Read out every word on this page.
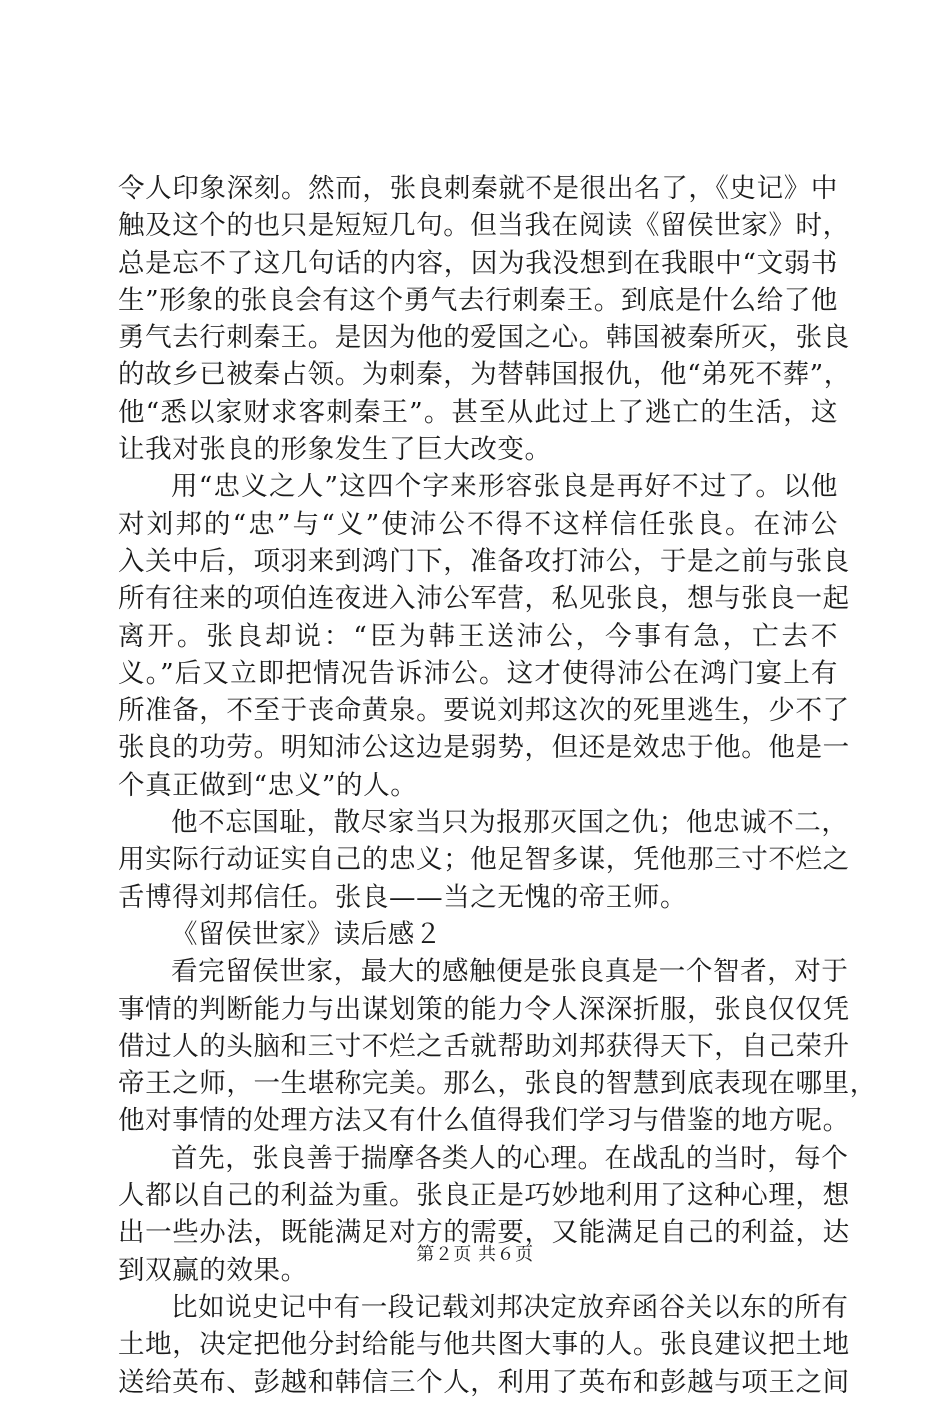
令人印象深刻。然而，张良刺秦就不是很出名了，《史记》中
触及这个的也只是短短几句。但当我在阅读《留侯世家》时，
总是忘不了这几句话的内容，因为我没想到在我眼中“文弱书
生”形象的张良会有这个勇气去行刺秦王。到底是什么给了他
勇气去行刺秦王。是因为他的爱国之心。韩国被秦所灭，张良
的故乡已被秦占领。为刺秦，为替韩国报仇，他“弟死不葬”，
他“悉以家财求客刺秦王”。甚至从此过上了逃亡的生活，这
让我对张良的形象发生了巨大改变。
用“忠义之人”这四个字来形容张良是再好不过了。以他
对刘邦的“忠”与“义”使沛公不得不这样信任张良。在沛公
入关中后，项羽来到鸿门下，准备攻打沛公，于是之前与张良
所有往来的项伯连夜进入沛公军营，私见张良，想与张良一起
离开。张良却说：“臣为韩王送沛公，今事有急，亡去不
义。”后又立即把情况告诉沛公。这才使得沛公在鸿门宴上有
所准备，不至于丧命黄泉。要说刘邦这次的死里逃生，少不了
张良的功劳。明知沛公这边是弱势，但还是效忠于他。他是一
个真正做到“忠义”的人。
他不忘国耻，散尽家当只为报那灭国之仇；他忠诚不二，
用实际行动证实自己的忠义；他足智多谋，凭他那三寸不烂之
舌博得刘邦信任。张良——当之无愧的帝王师。
《留侯世家》读后感２
看完留侯世家，最大的感触便是张良真是一个智者，对于
事情的判断能力与出谋划策的能力令人深深折服，张良仅仅凭
借过人的头脑和三寸不烂之舌就帮助刘邦获得天下，自己荣升
帝王之师，一生堪称完美。那么，张良的智慧到底表现在哪里，
他对事情的处理方法又有什么值得我们学习与借鉴的地方呢。
首先，张良善于揣摩各类人的心理。在战乱的当时，每个
人都以自己的利益为重。张良正是巧妙地利用了这种心理，想
出一些办法，既能满足对方的需要，又能满足自己的利益，达
到双赢的效果。
比如说史记中有一段记载刘邦决定放弃函谷关以东的所有
土地，决定把他分封给能与他共图大事的人。张良建议把土地
送给英布、彭越和韩信三个人，利用了英布和彭越与项王之间
第２页 共６页
